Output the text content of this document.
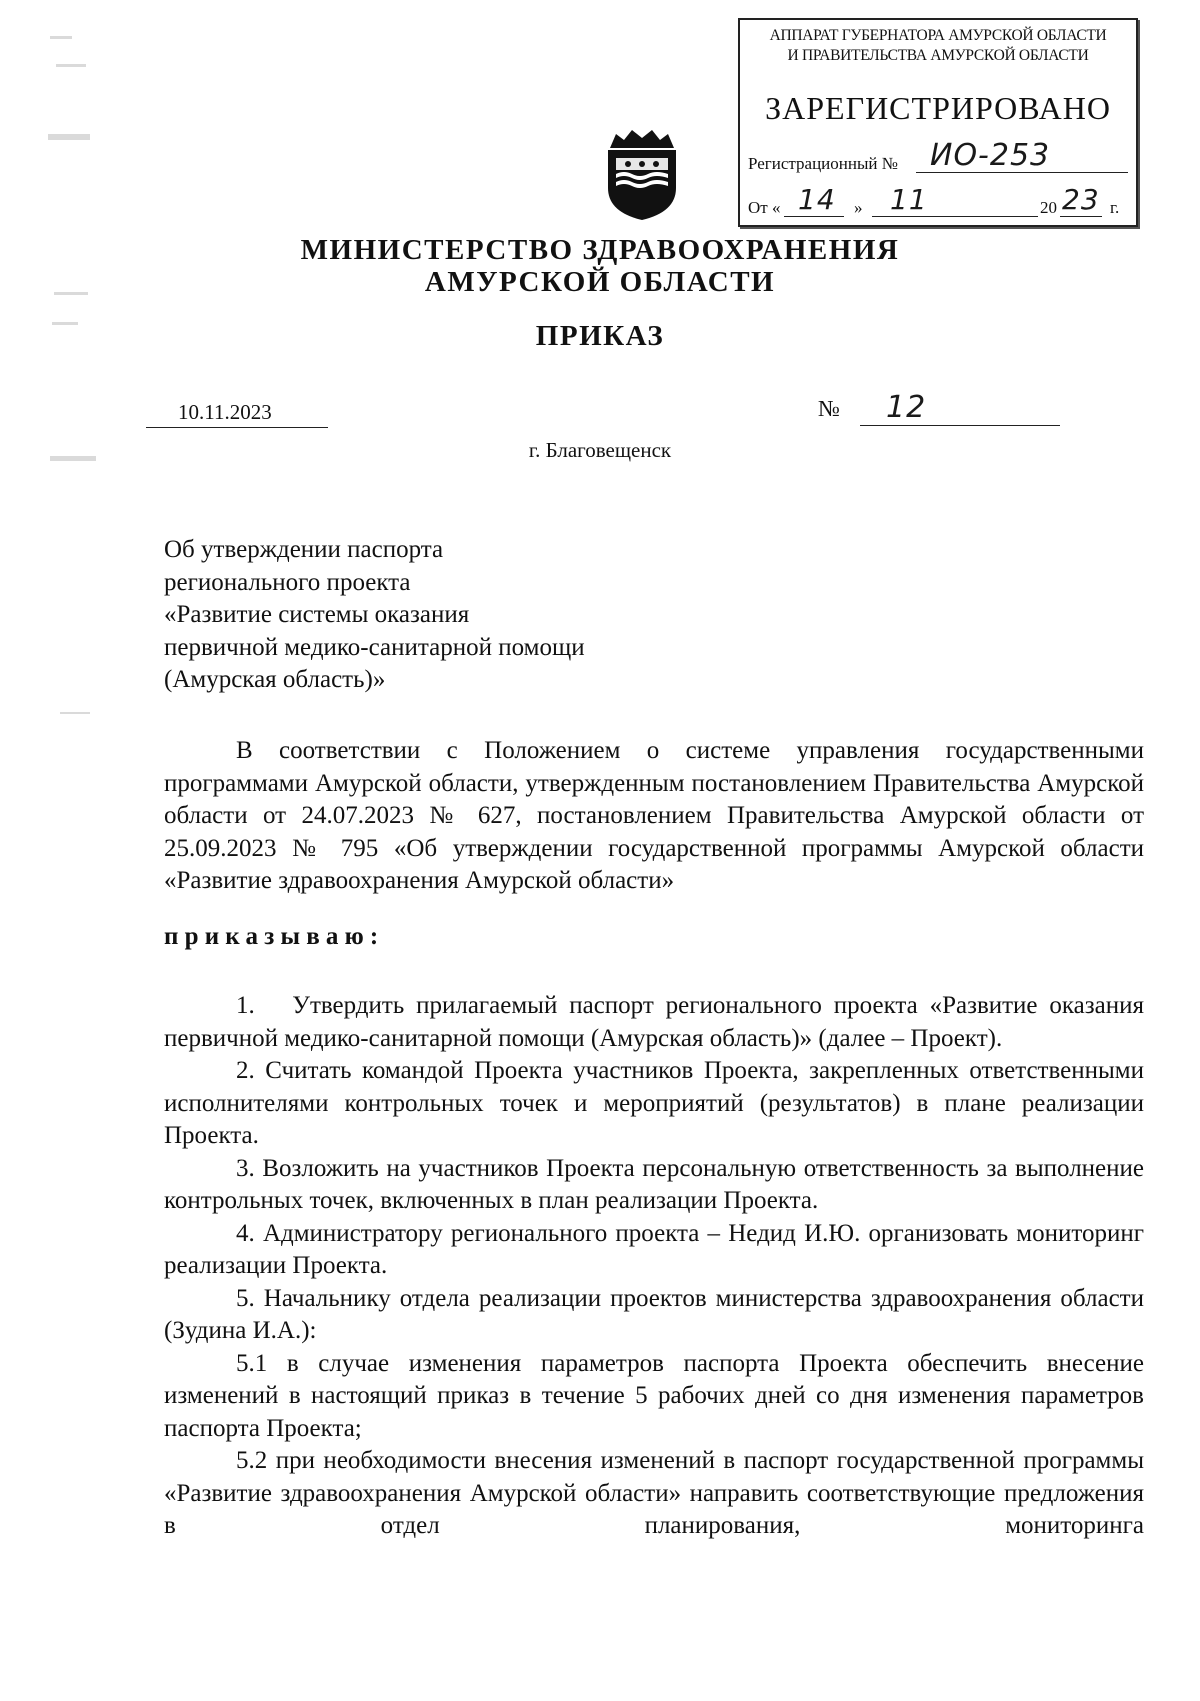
АППАРАТ ГУБЕРНАТОРА АМУРСКОЙ ОБЛАСТИ
И ПРАВИТЕЛЬСТВА АМУРСКОЙ ОБЛАСТИ
ЗАРЕГИСТРИРОВАНО
Регистрационный № ИО-253
От « 14 » 11	20 23 г.
МИНИСТЕРСТВО ЗДРАВООХРАНЕНИЯ
АМУРСКОЙ ОБЛАСТИ
ПРИКАЗ
10.11.2023	№ 12
г. Благовещенск
Об утверждении паспорта
регионального проекта
«Развитие системы оказания
первичной медико-санитарной помощи
(Амурская область)»

В соответствии с Положением о системе управления государственными программами Амурской области, утвержденным постановлением Правительства Амурской области от 24.07.2023 № 627, постановлением Правительства Амурской области от 25.09.2023 № 795 «Об утверждении государственной программы Амурской области «Развитие здравоохранения Амурской области»

приказываю:

1.  Утвердить прилагаемый паспорт регионального проекта «Развитие оказания первичной медико-санитарной помощи (Амурская область)» (далее – Проект).

2. Считать командой Проекта участников Проекта, закрепленных ответственными исполнителями контрольных точек и мероприятий (результатов) в плане реализации Проекта.

3. Возложить на участников Проекта персональную ответственность за выполнение контрольных точек, включенных в план реализации Проекта.

4. Администратору регионального проекта – Недид И.Ю. организовать мониторинг реализации Проекта.

5. Начальнику отдела реализации проектов министерства здравоохранения области (Зудина И.А.):

5.1 в случае изменения параметров паспорта Проекта обеспечить внесение изменений в настоящий приказ в течение 5 рабочих дней со дня изменения параметров паспорта Проекта;

5.2 при необходимости внесения изменений в паспорт государственной программы «Развитие здравоохранения Амурской области» направить соответствующие предложения в отдел планирования, мониторинга
